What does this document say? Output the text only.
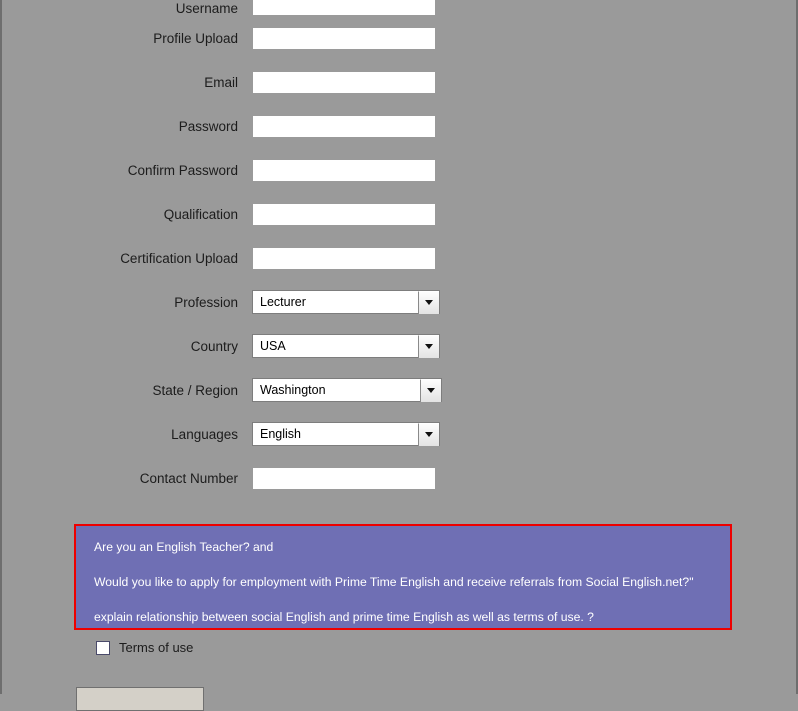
Username
Profile Upload
Email
Password
Confirm Password
Qualification
Certification Upload
Profession	Lecturer
Country	USA
State / Region	Washington
Languages	English
Contact Number

Are you an English Teacher? and

Would you like to apply for employment with Prime Time English and receive referrals from Social English.net?"

explain relationship between social English and prime time English as well as terms of use. ?

Terms of use
